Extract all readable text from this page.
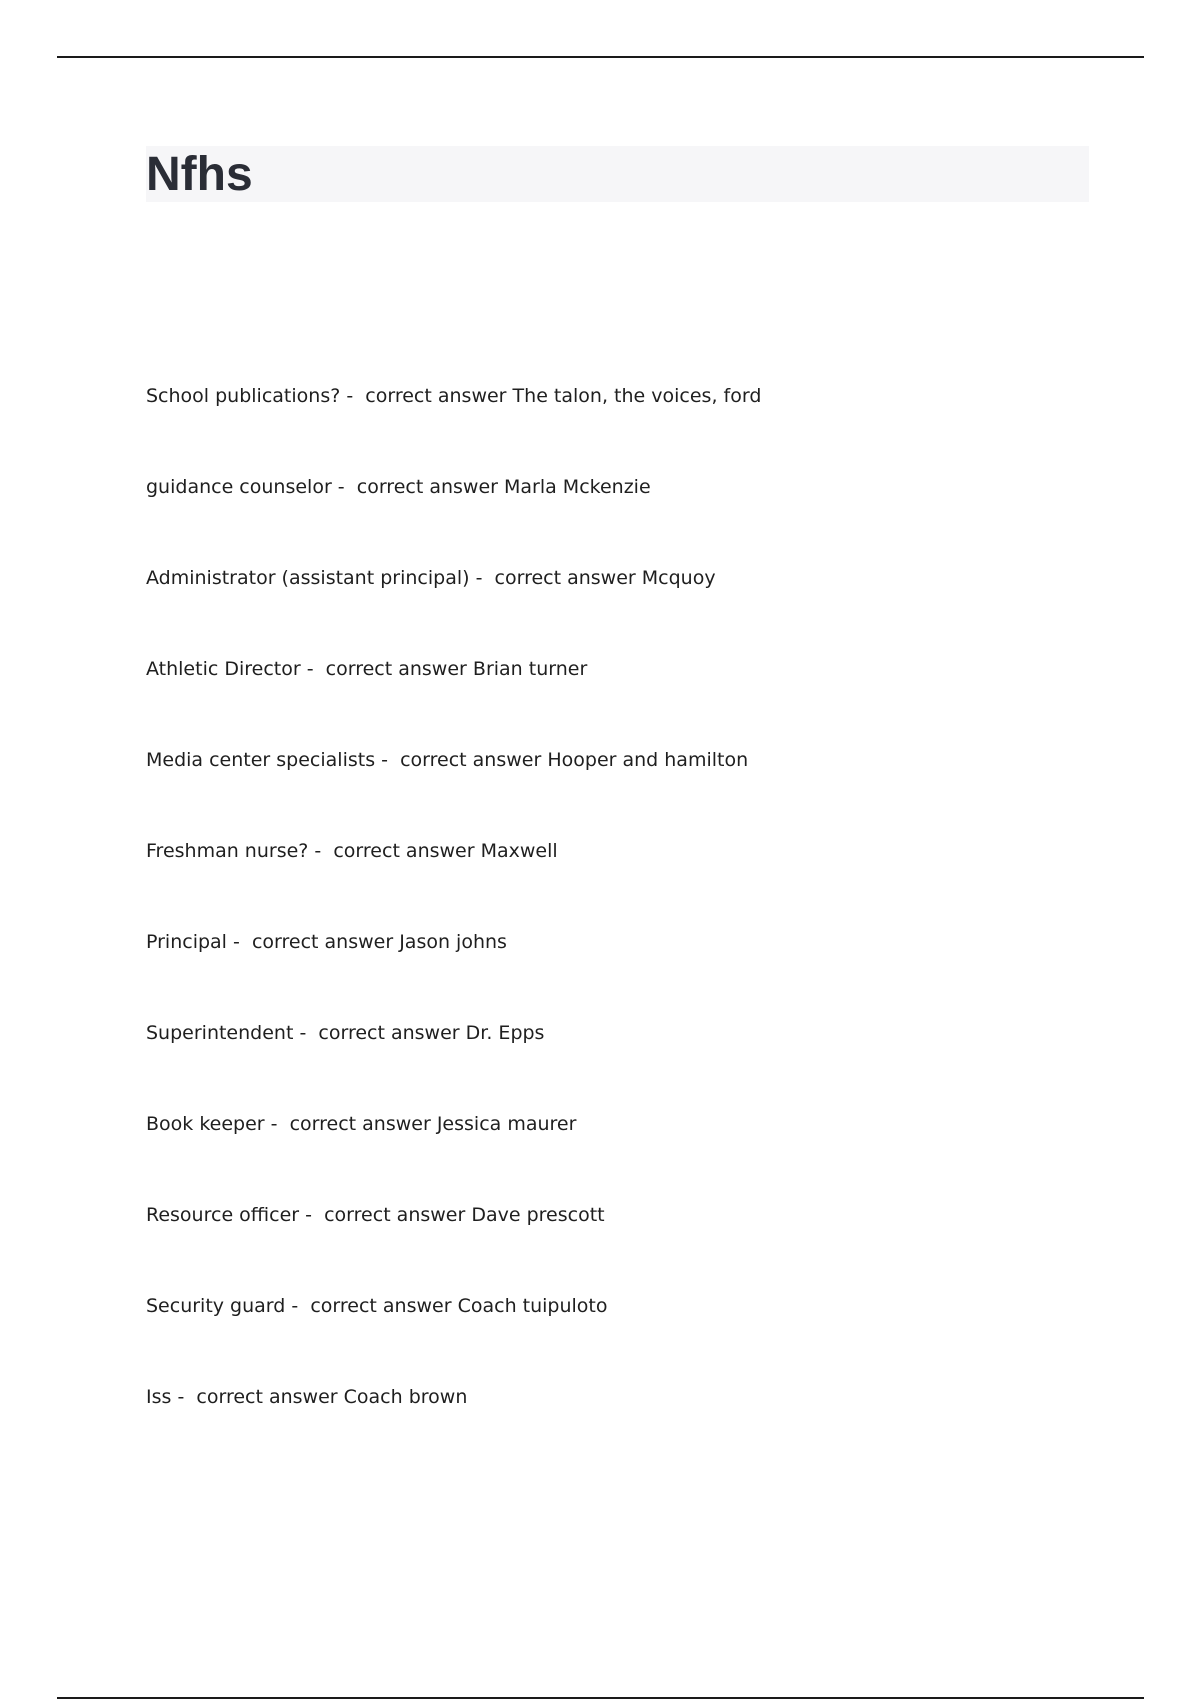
Nfhs
School publications? -  correct answer The talon, the voices, ford
guidance counselor -  correct answer Marla Mckenzie
Administrator (assistant principal) -  correct answer Mcquoy
Athletic Director -  correct answer Brian turner
Media center specialists -  correct answer Hooper and hamilton
Freshman nurse? -  correct answer Maxwell
Principal -  correct answer Jason johns
Superintendent -  correct answer Dr. Epps
Book keeper -  correct answer Jessica maurer
Resource officer -  correct answer Dave prescott
Security guard -  correct answer Coach tuipuloto
Iss -  correct answer Coach brown
